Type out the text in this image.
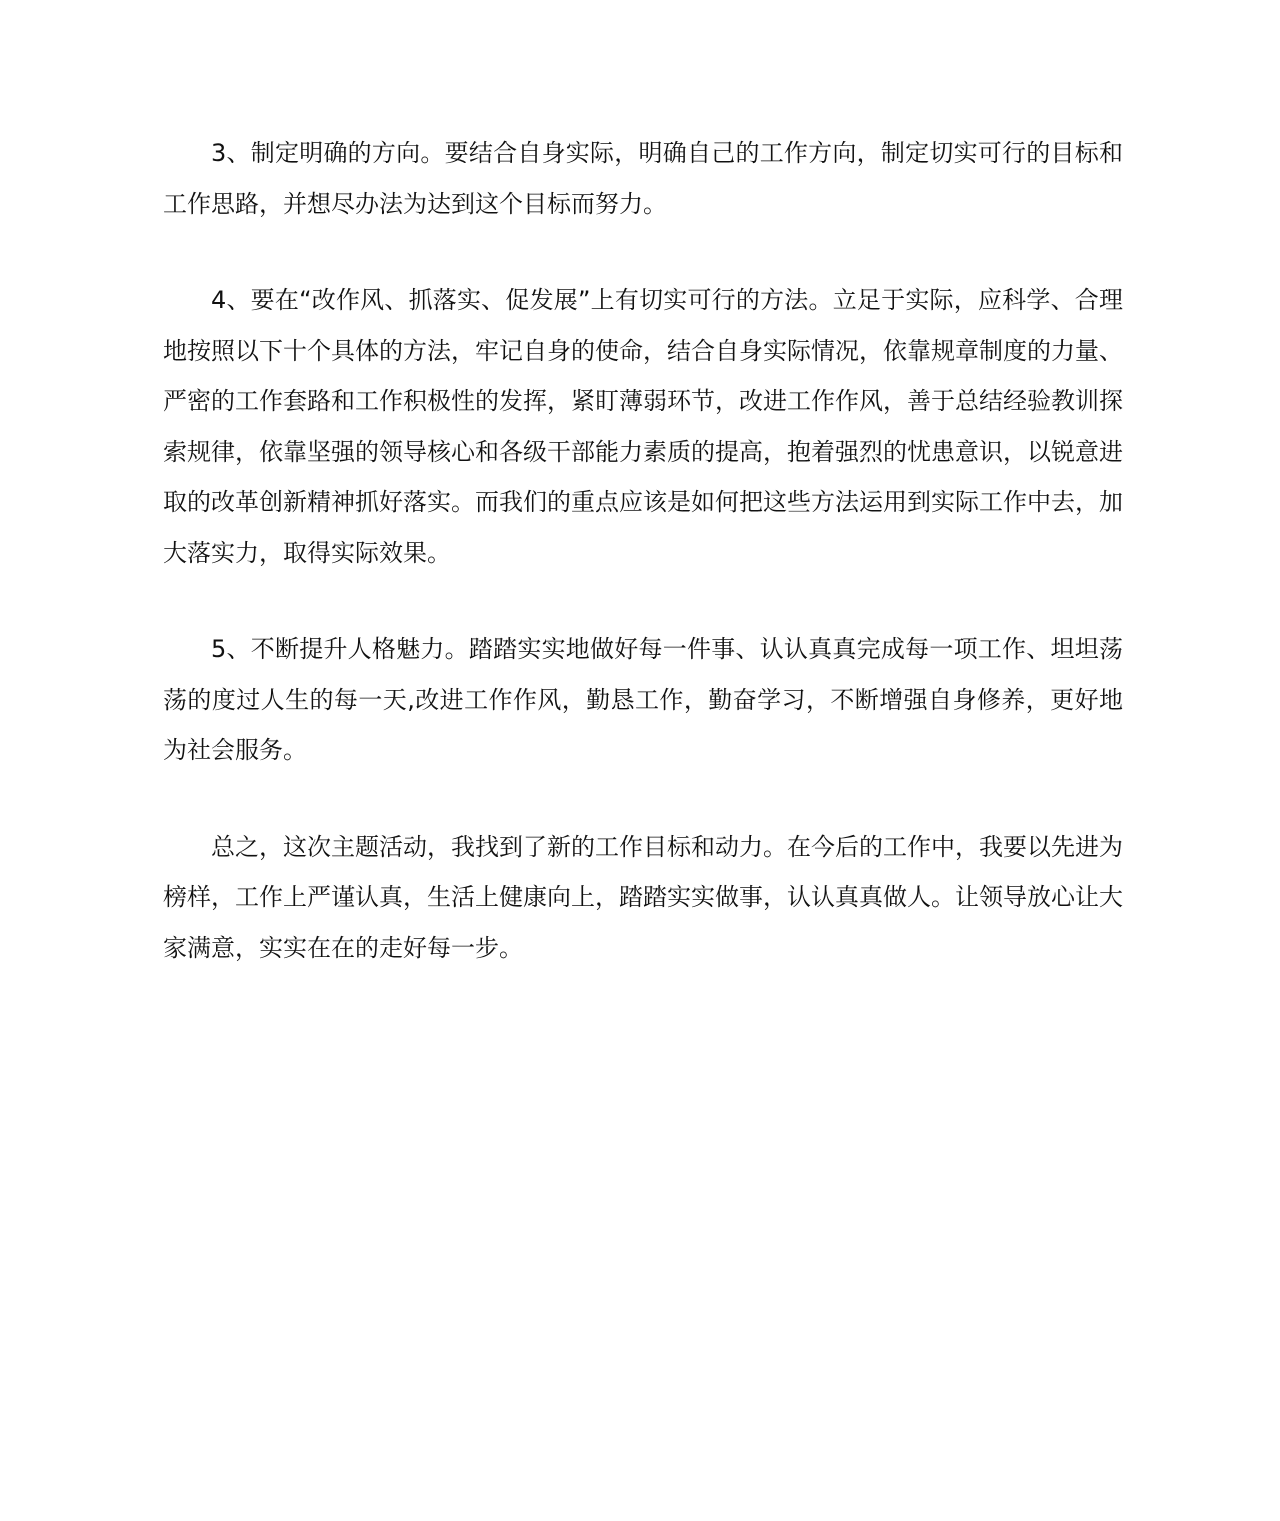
3、制定明确的方向。要结合自身实际，明确自己的工作方向，制定切实可行的目标和工作思路，并想尽办法为达到这个目标而努力。

4、要在“改作风、抓落实、促发展”上有切实可行的方法。立足于实际，应科学、合理地按照以下十个具体的方法，牢记自身的使命，结合自身实际情况，依靠规章制度的力量、严密的工作套路和工作积极性的发挥，紧盯薄弱环节，改进工作作风，善于总结经验教训探索规律，依靠坚强的领导核心和各级干部能力素质的提高，抱着强烈的忧患意识，以锐意进取的改革创新精神抓好落实。而我们的重点应该是如何把这些方法运用到实际工作中去，加大落实力，取得实际效果。

5、不断提升人格魅力。踏踏实实地做好每一件事、认认真真完成每一项工作、坦坦荡荡的度过人生的每一天,改进工作作风，勤恳工作，勤奋学习，不断增强自身修养，更好地为社会服务。

总之，这次主题活动，我找到了新的工作目标和动力。在今后的工作中，我要以先进为榜样，工作上严谨认真，生活上健康向上，踏踏实实做事，认认真真做人。让领导放心让大家满意，实实在在的走好每一步。
